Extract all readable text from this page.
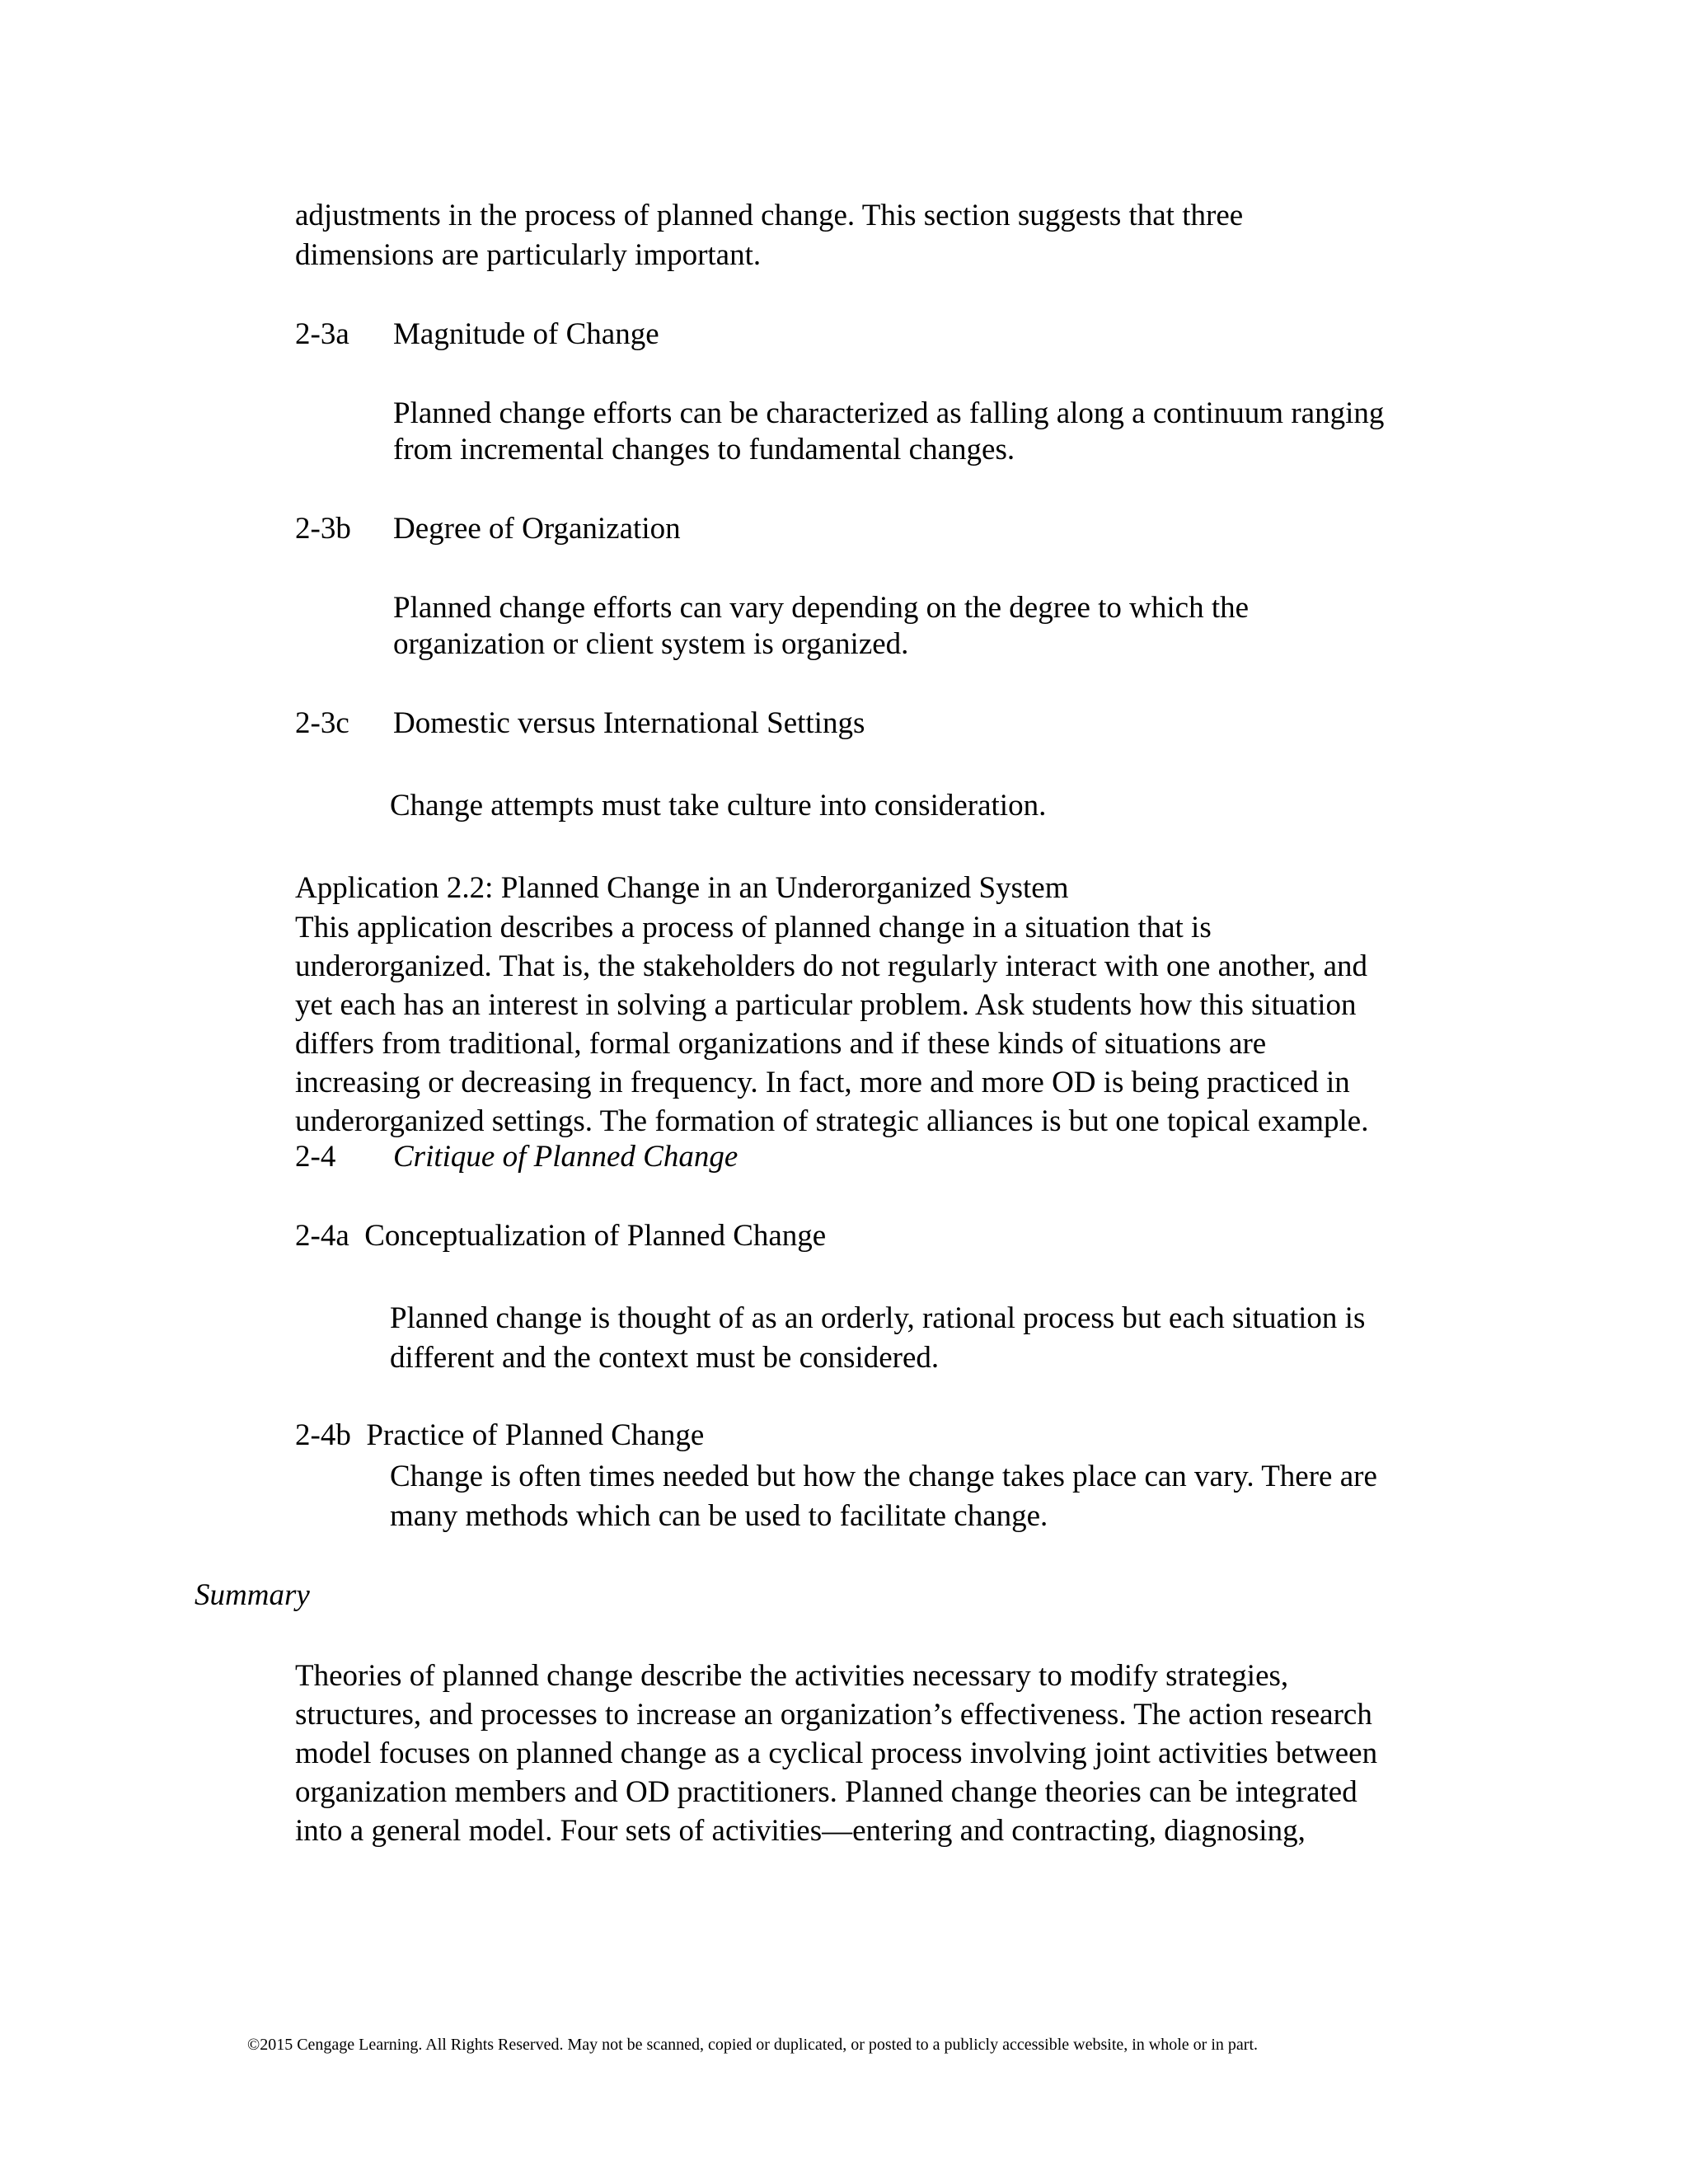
adjustments in the process of planned change. This section suggests that three
dimensions are particularly important.
2-3a Magnitude of Change
Planned change efforts can be characterized as falling along a continuum ranging
from incremental changes to fundamental changes.
2-3b Degree of Organization
Planned change efforts can vary depending on the degree to which the
organization or client system is organized.
2-3c Domestic versus International Settings
Change attempts must take culture into consideration.
Application 2.2: Planned Change in an Underorganized System
This application describes a process of planned change in a situation that is
underorganized. That is, the stakeholders do not regularly interact with one another, and
yet each has an interest in solving a particular problem. Ask students how this situation
differs from traditional, formal organizations and if these kinds of situations are
increasing or decreasing in frequency. In fact, more and more OD is being practiced in
underorganized settings. The formation of strategic alliances is but one topical example.
2-4 Critique of Planned Change
2-4a  Conceptualization of Planned Change
Planned change is thought of as an orderly, rational process but each situation is
different and the context must be considered.
2-4b  Practice of Planned Change
Change is often times needed but how the change takes place can vary. There are
many methods which can be used to facilitate change.
Summary
Theories of planned change describe the activities necessary to modify strategies,
structures, and processes to increase an organization’s effectiveness. The action research
model focuses on planned change as a cyclical process involving joint activities between
organization members and OD practitioners. Planned change theories can be integrated
into a general model. Four sets of activities—entering and contracting, diagnosing,
©2015 Cengage Learning. All Rights Reserved. May not be scanned, copied or duplicated, or posted to a publicly accessible website, in whole or in part.
